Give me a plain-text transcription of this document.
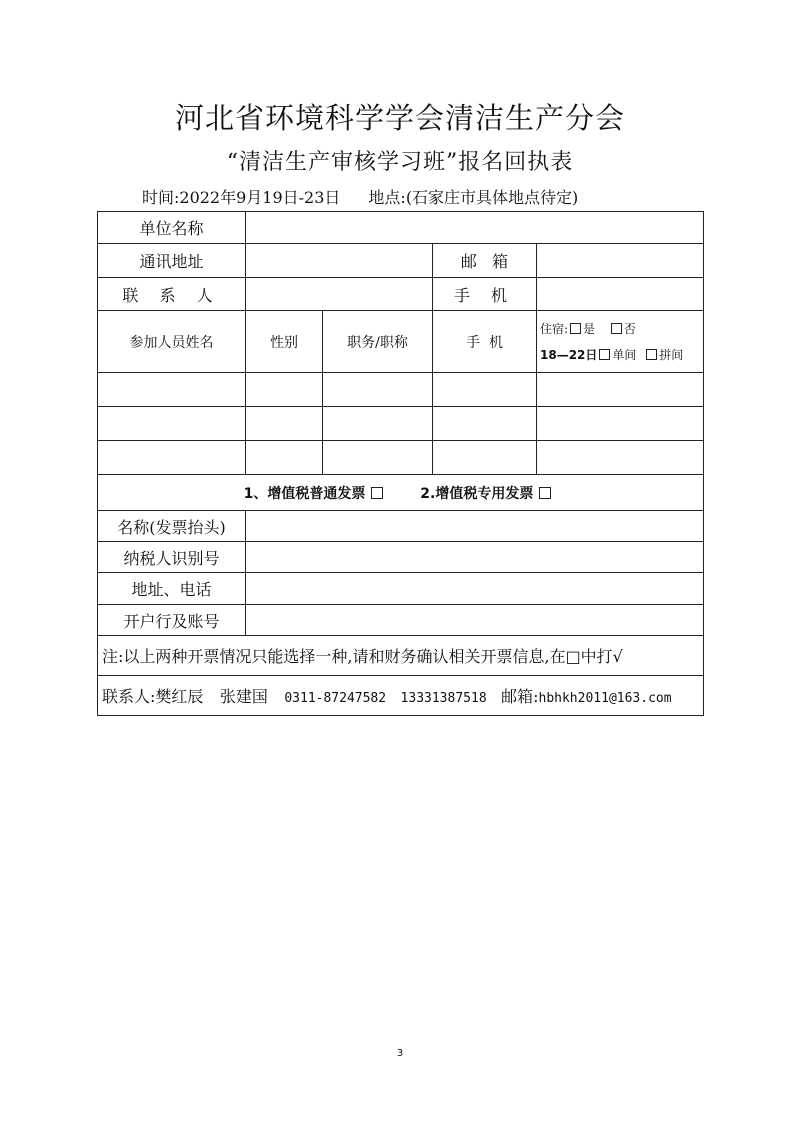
河北省环境科学学会清洁生产分会
“清洁生产审核学习班”报名回执表
时间:2022年9月19日-23日 地点:(石家庄市具体地点待定)
单位名称				
通讯地址			邮   箱	
联 系 人			手 机	
参加人员姓名	性别	职务/职称	手  机	住宿: 是 否
18—22日 单间 拼间

1、增值税普通发票 2.增值税专用发票				
名称(发票抬头)				
纳税人识别号				
地址、电话				
开户行及账号				
注:以上两种开票情况只能选择一种,请和财务确认相关开票信息,在□中打√				
联系人:樊红辰 张建国 0311-87247582 13331387518 邮箱:hbhkh2011@163.com				
3
